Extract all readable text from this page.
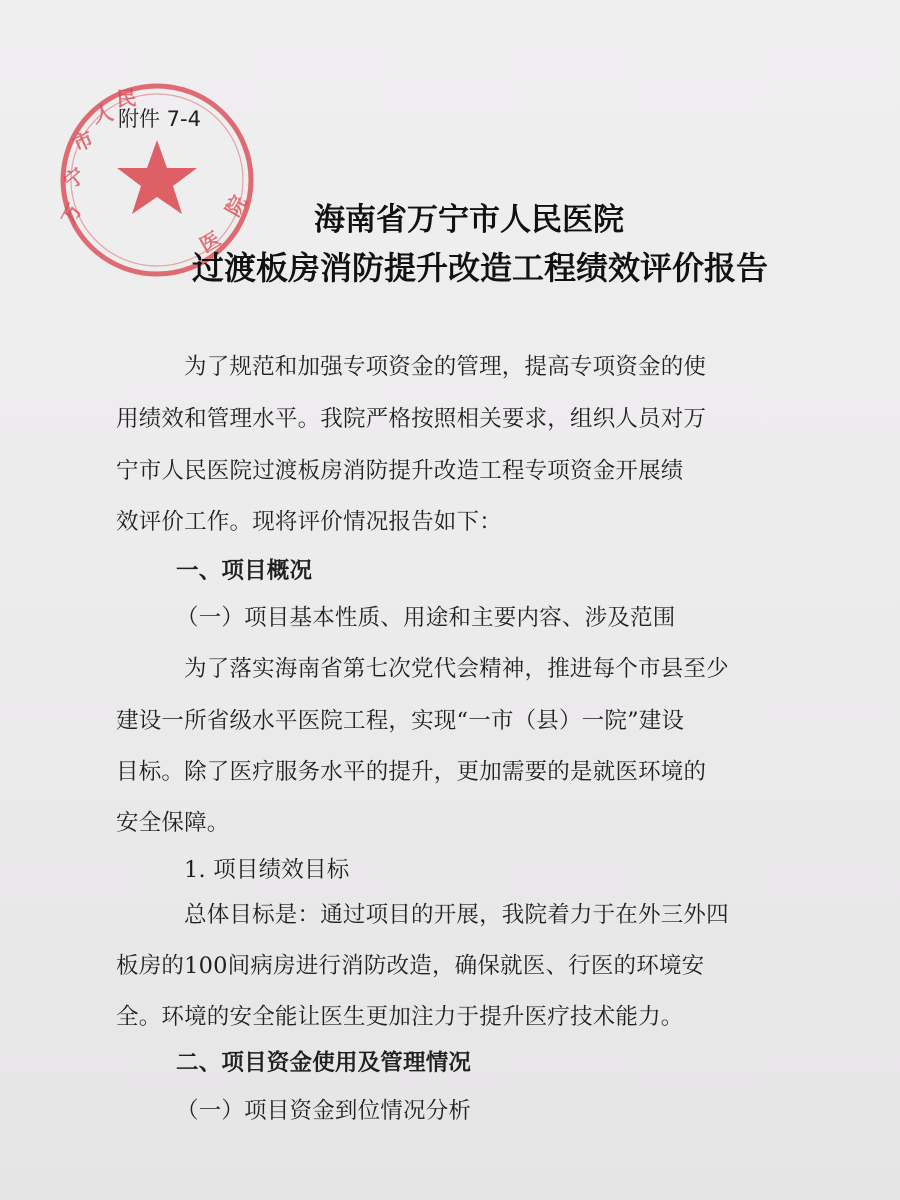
万
宁
市
人
民
医
院
附件 7-4
海南省万宁市人民医院
过渡板房消防提升改造工程绩效评价报告
为了规范和加强专项资金的管理，提高专项资金的使
用绩效和管理水平。我院严格按照相关要求，组织人员对万
宁市人民医院过渡板房消防提升改造工程专项资金开展绩
效评价工作。现将评价情况报告如下：
一、项目概况
（一）项目基本性质、用途和主要内容、涉及范围
为了落实海南省第七次党代会精神，推进每个市县至少
建设一所省级水平医院工程，实现“一市（县）一院”建设
目标。除了医疗服务水平的提升，更加需要的是就医环境的
安全保障。
1. 项目绩效目标
总体目标是：通过项目的开展，我院着力于在外三外四
板房的100间病房进行消防改造，确保就医、行医的环境安
全。环境的安全能让医生更加注力于提升医疗技术能力。
二、项目资金使用及管理情况
（一）项目资金到位情况分析
